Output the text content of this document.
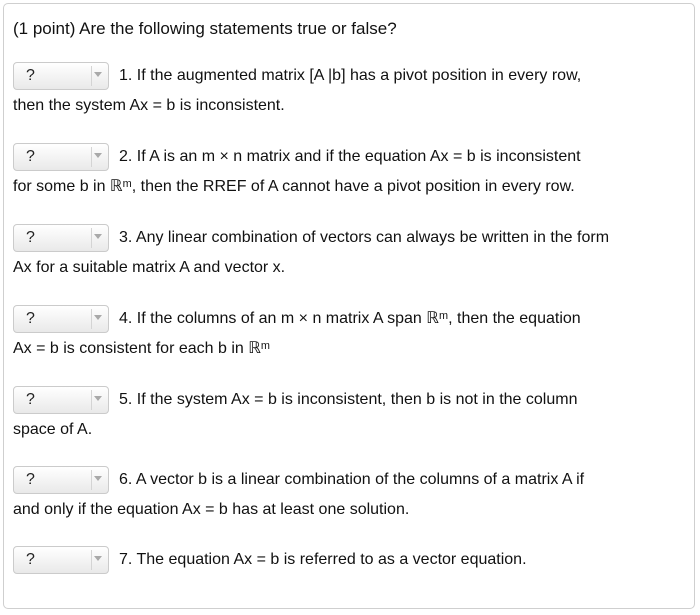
(1 point) Are the following statements true or false?
?	1. If the augmented matrix [A |b] has a pivot position in every row,
then the system Ax = b is inconsistent.
?	2. If A is an m × n matrix and if the equation Ax = b is inconsistent
for some b in ℝᵐ, then the RREF of A cannot have a pivot position in every row.
?	3. Any linear combination of vectors can always be written in the form
Ax for a suitable matrix A and vector x.
?	4. If the columns of an m × n matrix A span ℝᵐ, then the equation
Ax = b is consistent for each b in ℝᵐ
?	5. If the system Ax = b is inconsistent, then b is not in the column
space of A.
?	6. A vector b is a linear combination of the columns of a matrix A if
and only if the equation Ax = b has at least one solution.
?	7. The equation Ax = b is referred to as a vector equation.
